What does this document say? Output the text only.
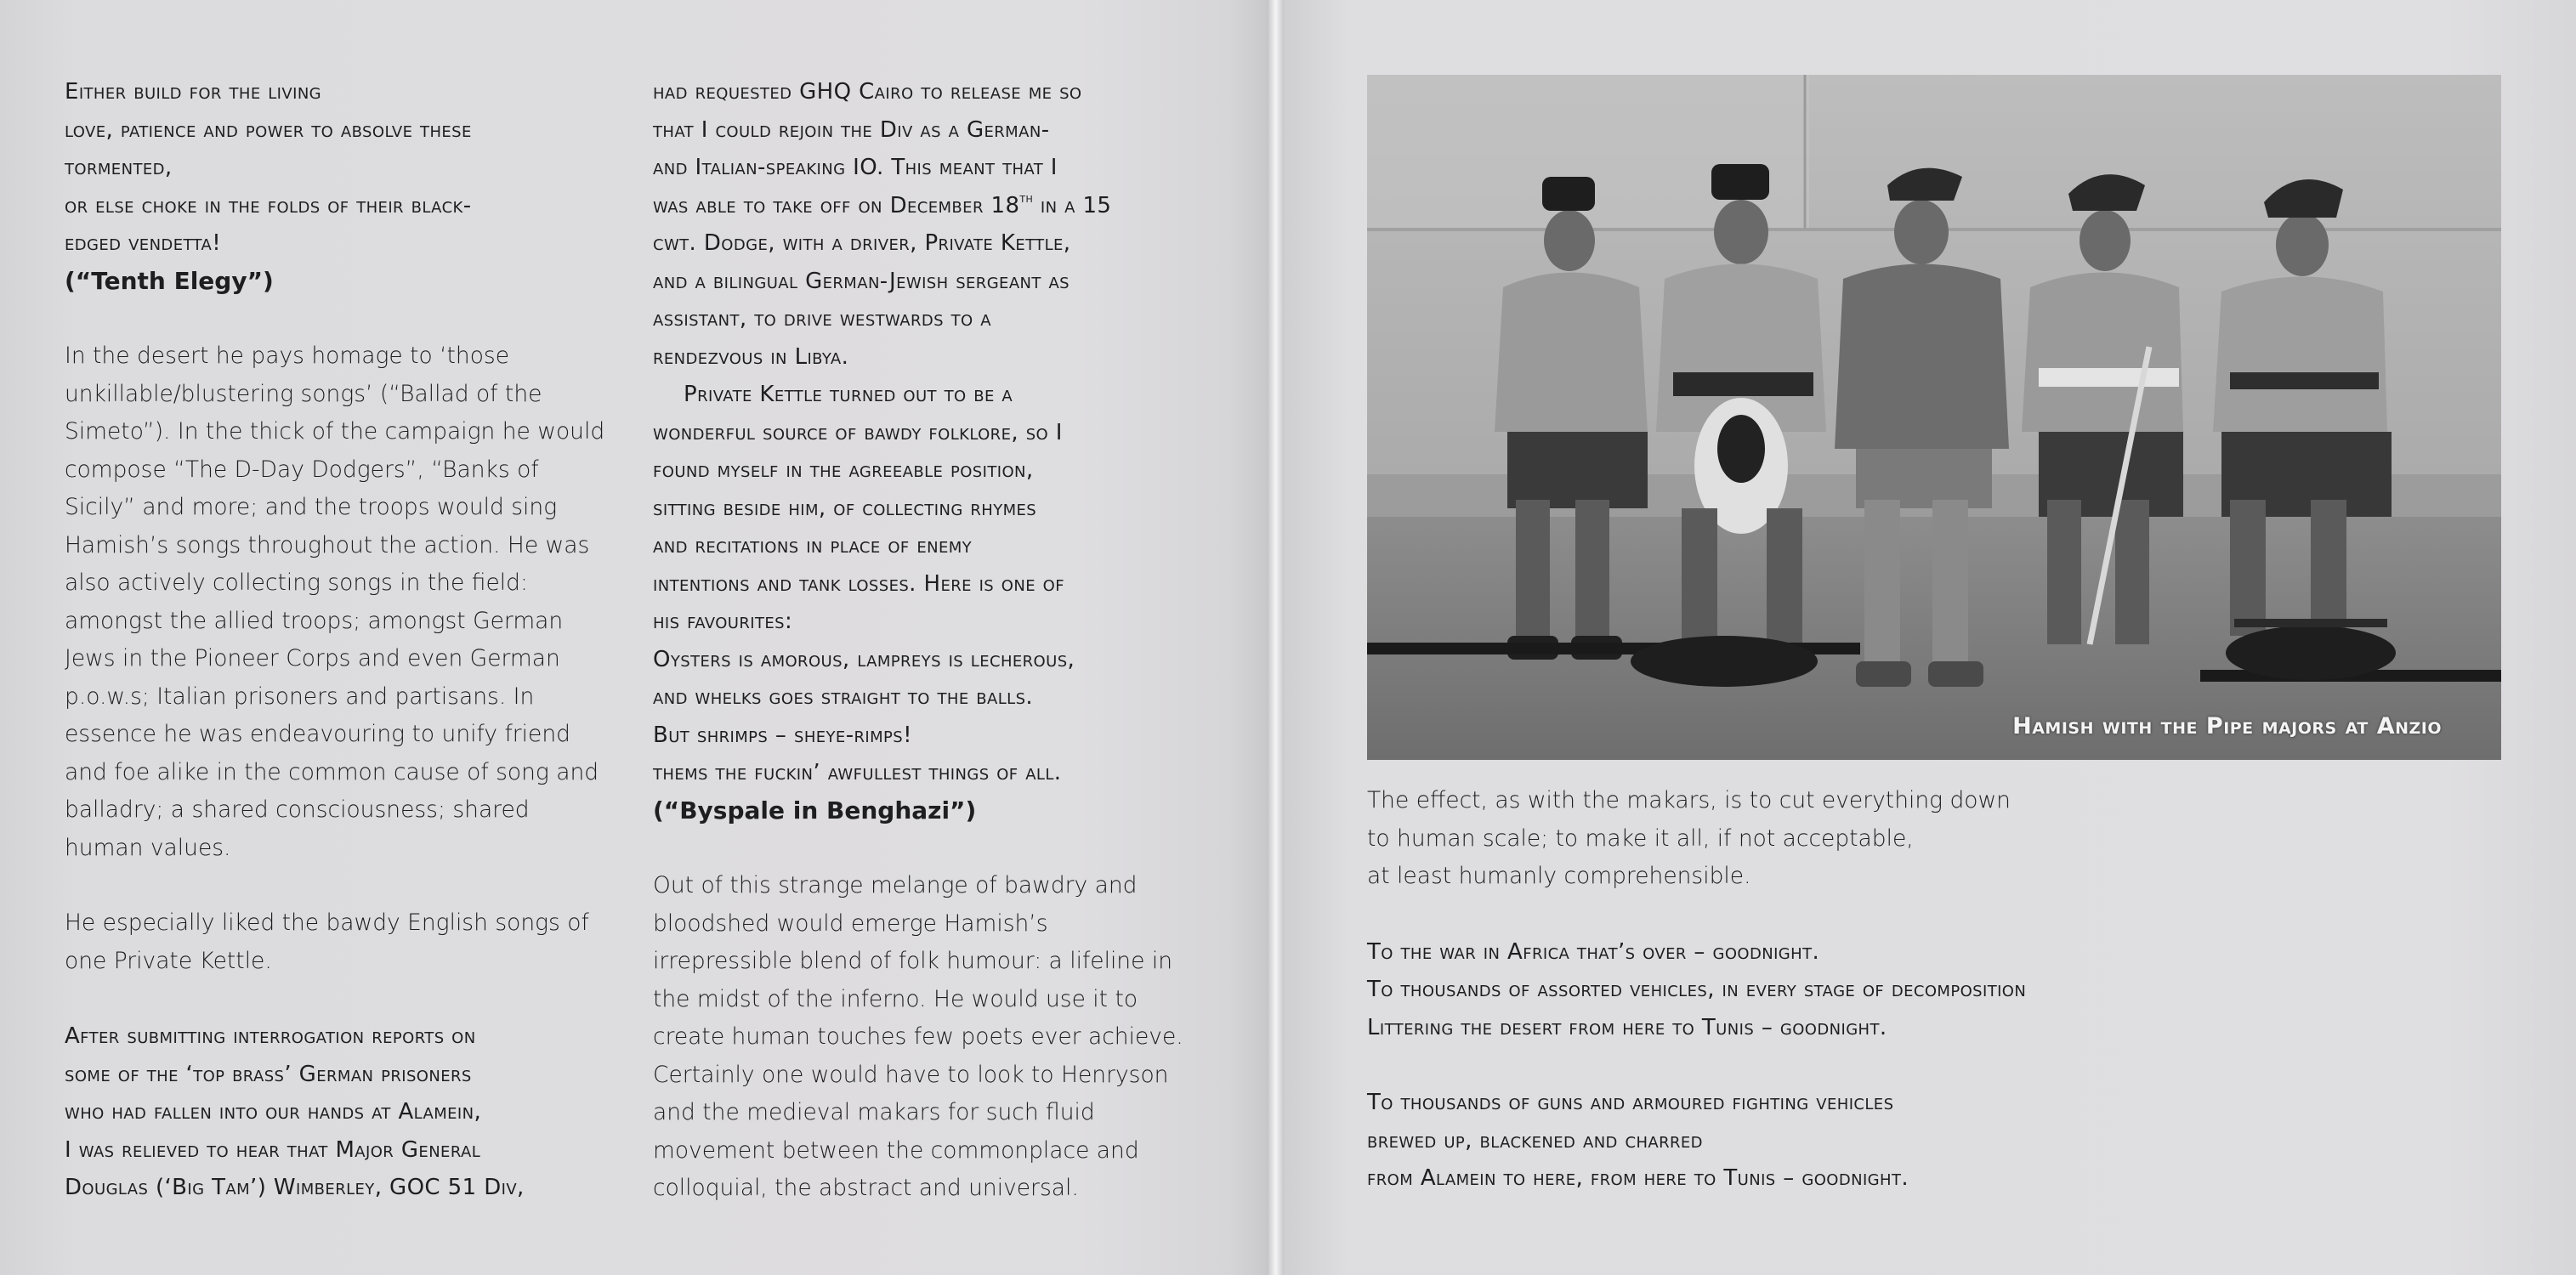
Either build for the living

love, patience and power to absolve these

tormented,

or else choke in the folds of their black-

edged vendetta!

(“Tenth Elegy”)

In the desert he pays homage to ‘those

unkillable/blustering songs’ (“Ballad of the

Simeto”). In the thick of the campaign he would

compose “The D-Day Dodgers”, “Banks of

Sicily” and more; and the troops would sing

Hamish’s songs throughout the action. He was

also actively collecting songs in the field:

amongst the allied troops; amongst German

Jews in the Pioneer Corps and even German

p.o.w.s; Italian prisoners and partisans. In

essence he was endeavouring to unify friend

and foe alike in the common cause of song and

balladry; a shared consciousness; shared

human values.

He especially liked the bawdy English songs of

one Private Kettle.

After submitting interrogation reports on

some of the ‘top brass’ German prisoners

who had fallen into our hands at Alamein,

I was relieved to hear that Major General

Douglas (‘Big Tam’) Wimberley, GOC 51 Div,

had requested GHQ Cairo to release me so

that I could rejoin the Div as a German-

and Italian-speaking IO. This meant that I

was able to take off on December 18th in a 15

cwt. Dodge, with a driver, Private Kettle,

and a bilingual German-Jewish sergeant as

assistant, to drive westwards to a

rendezvous in Libya.

Private Kettle turned out to be a

wonderful source of bawdy folklore, so I

found myself in the agreeable position,

sitting beside him, of collecting rhymes

and recitations in place of enemy

intentions and tank losses. Here is one of

his favourites:

Oysters is amorous, lampreys is lecherous,

and whelks goes straight to the balls.

But shrimps – sheye-rimps!

thems the fuckin’ awfullest things of all.

(“Byspale in Benghazi”)

Out of this strange melange of bawdry and

bloodshed would emerge Hamish’s

irrepressible blend of folk humour: a lifeline in

the midst of the inferno. He would use it to

create human touches few poets ever achieve.

Certainly one would have to look to Henryson

and the medieval makars for such fluid

movement between the commonplace and

colloquial, the abstract and universal.

Hamish with the Pipe majors at Anzio

The effect, as with the makars, is to cut everything down

to human scale; to make it all, if not acceptable,

at least humanly comprehensible.

To the war in Africa that’s over – goodnight.

To thousands of assorted vehicles, in every stage of decomposition

Littering the desert from here to Tunis – goodnight.

To thousands of guns and armoured fighting vehicles

brewed up, blackened and charred

from Alamein to here, from here to Tunis – goodnight.
